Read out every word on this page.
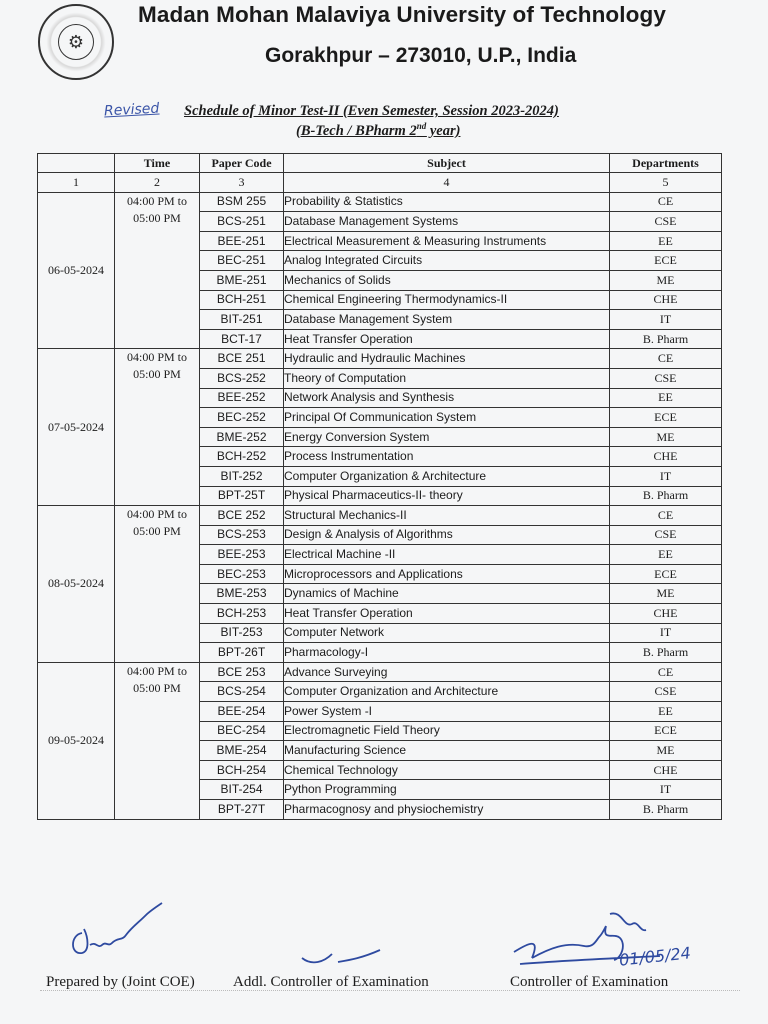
⚙
Madan Mohan Malaviya University of Technology
Gorakhpur – 273010, U.P., India
Revised Schedule of Minor Test-II (Even Semester, Session 2023-2024)
(B-Tech / BPharm 2nd year)
	Time	Paper Code	Subject	Departments
1	2	3	4	5
06-05-2024	04:00 PM to 05:00 PM	BSM 255	Probability & Statistics	CE
		BCS-251	Database Management Systems	CSE
		BEE-251	Electrical Measurement & Measuring Instruments	EE
		BEC-251	Analog Integrated Circuits	ECE
		BME-251	Mechanics of Solids	ME
		BCH-251	Chemical Engineering Thermodynamics-II	CHE
		BIT-251	Database Management System	IT
		BCT-17	Heat Transfer Operation	B. Pharm
07-05-2024	04:00 PM to 05:00 PM	BCE 251	Hydraulic and Hydraulic Machines	CE
		BCS-252	Theory of Computation	CSE
		BEE-252	Network Analysis and Synthesis	EE
		BEC-252	Principal Of Communication System	ECE
		BME-252	Energy Conversion System	ME
		BCH-252	Process Instrumentation	CHE
		BIT-252	Computer Organization & Architecture	IT
		BPT-25T	Physical Pharmaceutics-II- theory	B. Pharm
08-05-2024	04:00 PM to 05:00 PM	BCE 252	Structural Mechanics-II	CE
		BCS-253	Design & Analysis of Algorithms	CSE
		BEE-253	Electrical Machine -II	EE
		BEC-253	Microprocessors and Applications	ECE
		BME-253	Dynamics of Machine	ME
		BCH-253	Heat Transfer Operation	CHE
		BIT-253	Computer Network	IT
		BPT-26T	Pharmacology-I	B. Pharm
09-05-2024	04:00 PM to 05:00 PM	BCE 253	Advance Surveying	CE
		BCS-254	Computer Organization and Architecture	CSE
		BEE-254	Power System -I	EE
		BEC-254	Electromagnetic Field Theory	ECE
		BME-254	Manufacturing Science	ME
		BCH-254	Chemical Technology	CHE
		BIT-254	Python Programming	IT
		BPT-27T	Pharmacognosy and physiochemistry	B. Pharm
01/05/24
Prepared by (Joint COE)	Addl. Controller of Examination	Controller of Examination
